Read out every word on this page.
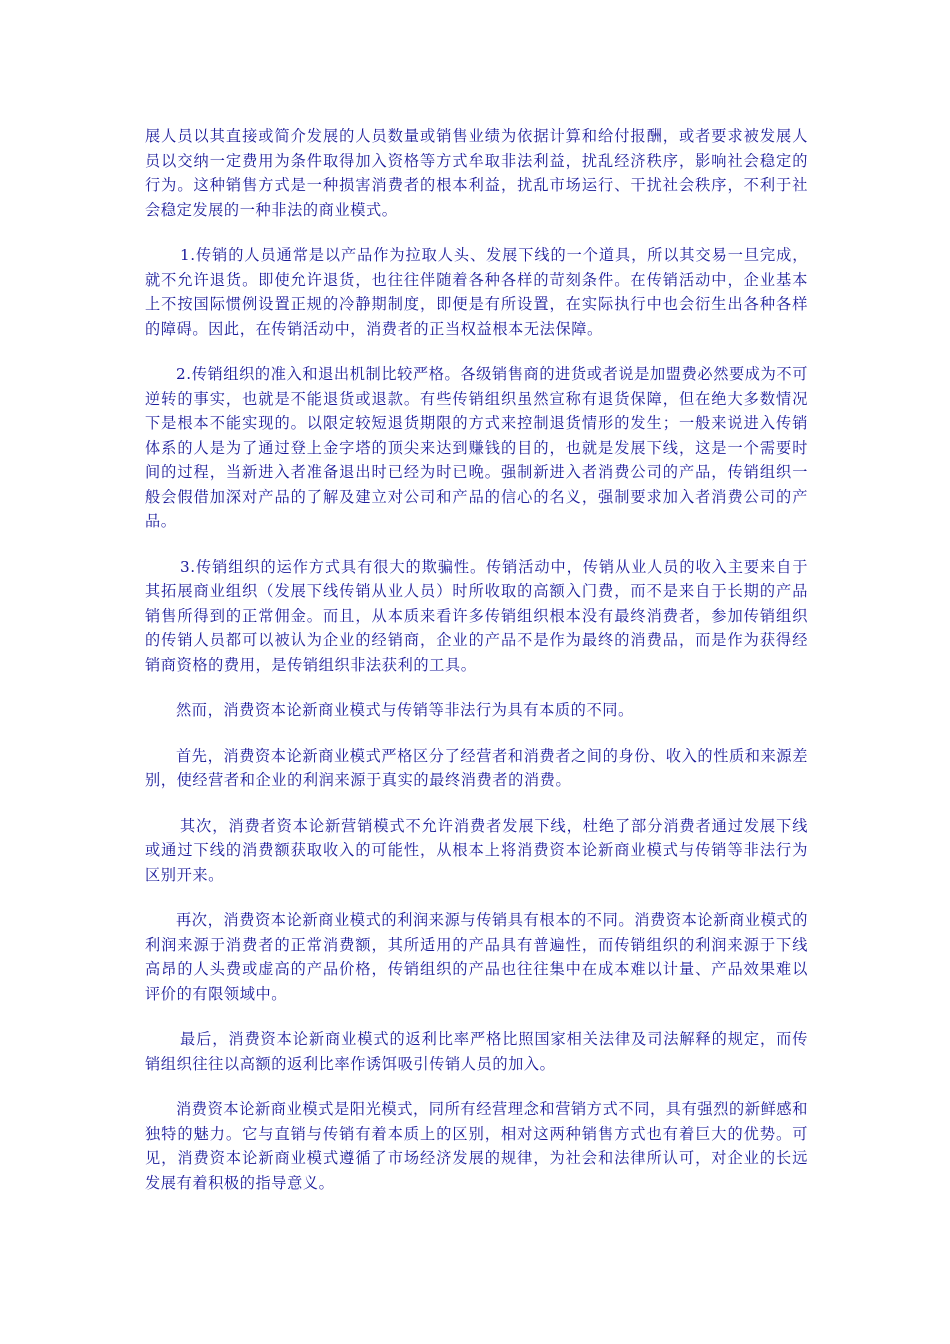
展人员以其直接或简介发展的人员数量或销售业绩为依据计算和给付报酬，或者要求被发展人员以交纳一定费用为条件取得加入资格等方式牟取非法利益，扰乱经济秩序，影响社会稳定的行为。这种销售方式是一种损害消费者的根本利益，扰乱市场运行、干扰社会秩序，不利于社会稳定发展的一种非法的商业模式。

1.传销的人员通常是以产品作为拉取人头、发展下线的一个道具，所以其交易一旦完成，就不允许退货。即使允许退货，也往往伴随着各种各样的苛刻条件。在传销活动中，企业基本上不按国际惯例设置正规的冷静期制度，即便是有所设置，在实际执行中也会衍生出各种各样的障碍。因此，在传销活动中，消费者的正当权益根本无法保障。

2.传销组织的准入和退出机制比较严格。各级销售商的进货或者说是加盟费必然要成为不可逆转的事实，也就是不能退货或退款。有些传销组织虽然宣称有退货保障，但在绝大多数情况下是根本不能实现的。以限定较短退货期限的方式来控制退货情形的发生；一般来说进入传销体系的人是为了通过登上金字塔的顶尖来达到赚钱的目的，也就是发展下线，这是一个需要时间的过程，当新进入者准备退出时已经为时已晚。强制新进入者消费公司的产品，传销组织一般会假借加深对产品的了解及建立对公司和产品的信心的名义，强制要求加入者消费公司的产品。

3.传销组织的运作方式具有很大的欺骗性。传销活动中，传销从业人员的收入主要来自于其拓展商业组织（发展下线传销从业人员）时所收取的高额入门费，而不是来自于长期的产品销售所得到的正常佣金。而且，从本质来看许多传销组织根本没有最终消费者，参加传销组织的传销人员都可以被认为企业的经销商，企业的产品不是作为最终的消费品，而是作为获得经销商资格的费用，是传销组织非法获利的工具。

然而，消费资本论新商业模式与传销等非法行为具有本质的不同。

首先，消费资本论新商业模式严格区分了经营者和消费者之间的身份、收入的性质和来源差别，使经营者和企业的利润来源于真实的最终消费者的消费。

其次，消费者资本论新营销模式不允许消费者发展下线，杜绝了部分消费者通过发展下线或通过下线的消费额获取收入的可能性，从根本上将消费资本论新商业模式与传销等非法行为区别开来。

再次，消费资本论新商业模式的利润来源与传销具有根本的不同。消费资本论新商业模式的利润来源于消费者的正常消费额，其所适用的产品具有普遍性，而传销组织的利润来源于下线高昂的人头费或虚高的产品价格，传销组织的产品也往往集中在成本难以计量、产品效果难以评价的有限领域中。

最后，消费资本论新商业模式的返利比率严格比照国家相关法律及司法解释的规定，而传销组织往往以高额的返利比率作诱饵吸引传销人员的加入。

消费资本论新商业模式是阳光模式，同所有经营理念和营销方式不同，具有强烈的新鲜感和独特的魅力。它与直销与传销有着本质上的区别，相对这两种销售方式也有着巨大的优势。可见，消费资本论新商业模式遵循了市场经济发展的规律，为社会和法律所认可，对企业的长远发展有着积极的指导意义。
